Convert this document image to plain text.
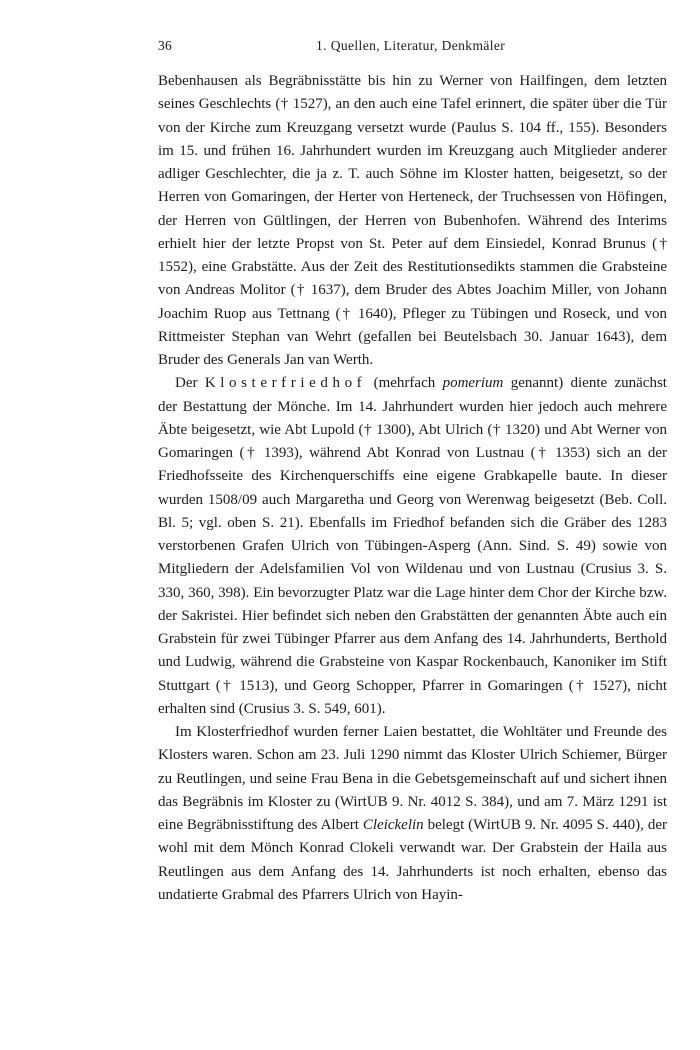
36	1. Quellen, Literatur, Denkmäler

Bebenhausen als Begräbnisstätte bis hin zu Werner von Hailfingen, dem letzten seines Geschlechts († 1527), an den auch eine Tafel erinnert, die später über die Tür von der Kirche zum Kreuzgang versetzt wurde (Paulus S. 104 ff., 155). Besonders im 15. und frühen 16. Jahrhundert wurden im Kreuzgang auch Mitglieder anderer adliger Geschlechter, die ja z. T. auch Söhne im Kloster hatten, beigesetzt, so der Herren von Gomaringen, der Herter von Herteneck, der Truchsessen von Höfingen, der Herren von Gültlingen, der Herren von Bubenhofen. Während des Interims erhielt hier der letzte Propst von St. Peter auf dem Einsiedel, Konrad Brunus († 1552), eine Grabstätte. Aus der Zeit des Restitutionsedikts stammen die Grabsteine von Andreas Molitor († 1637), dem Bruder des Abtes Joachim Miller, von Johann Joachim Ruop aus Tettnang († 1640), Pfleger zu Tübingen und Roseck, und von Rittmeister Stephan van Wehrt (gefallen bei Beutelsbach 30. Januar 1643), dem Bruder des Generals Jan van Werth.

Der Klosterfriedhof (mehrfach pomerium genannt) diente zunächst der Bestattung der Mönche. Im 14. Jahrhundert wurden hier jedoch auch mehrere Äbte beigesetzt, wie Abt Lupold († 1300), Abt Ulrich († 1320) und Abt Werner von Gomaringen († 1393), während Abt Konrad von Lustnau († 1353) sich an der Friedhofsseite des Kirchenquerschiffs eine eigene Grabkapelle baute. In dieser wurden 1508/09 auch Margaretha und Georg von Werenwag beigesetzt (Beb. Coll. Bl. 5; vgl. oben S. 21). Ebenfalls im Friedhof befanden sich die Gräber des 1283 verstorbenen Grafen Ulrich von Tübingen-Asperg (Ann. Sind. S. 49) sowie von Mitgliedern der Adelsfamilien Vol von Wildenau und von Lustnau (Crusius 3. S. 330, 360, 398). Ein bevorzugter Platz war die Lage hinter dem Chor der Kirche bzw. der Sakristei. Hier befindet sich neben den Grabstätten der genannten Äbte auch ein Grabstein für zwei Tübinger Pfarrer aus dem Anfang des 14. Jahrhunderts, Berthold und Ludwig, während die Grabsteine von Kaspar Rockenbauch, Kanoniker im Stift Stuttgart († 1513), und Georg Schopper, Pfarrer in Gomaringen († 1527), nicht erhalten sind (Crusius 3. S. 549, 601).

Im Klosterfriedhof wurden ferner Laien bestattet, die Wohltäter und Freunde des Klosters waren. Schon am 23. Juli 1290 nimmt das Kloster Ulrich Schiemer, Bürger zu Reutlingen, und seine Frau Bena in die Gebetsgemeinschaft auf und sichert ihnen das Begräbnis im Kloster zu (WirtUB 9. Nr. 4012 S. 384), und am 7. März 1291 ist eine Begräbnisstiftung des Albert Cleickelin belegt (WirtUB 9. Nr. 4095 S. 440), der wohl mit dem Mönch Konrad Clokeli verwandt war. Der Grabstein der Haila aus Reutlingen aus dem Anfang des 14. Jahrhunderts ist noch erhalten, ebenso das undatierte Grabmal des Pfarrers Ulrich von Hayin-
